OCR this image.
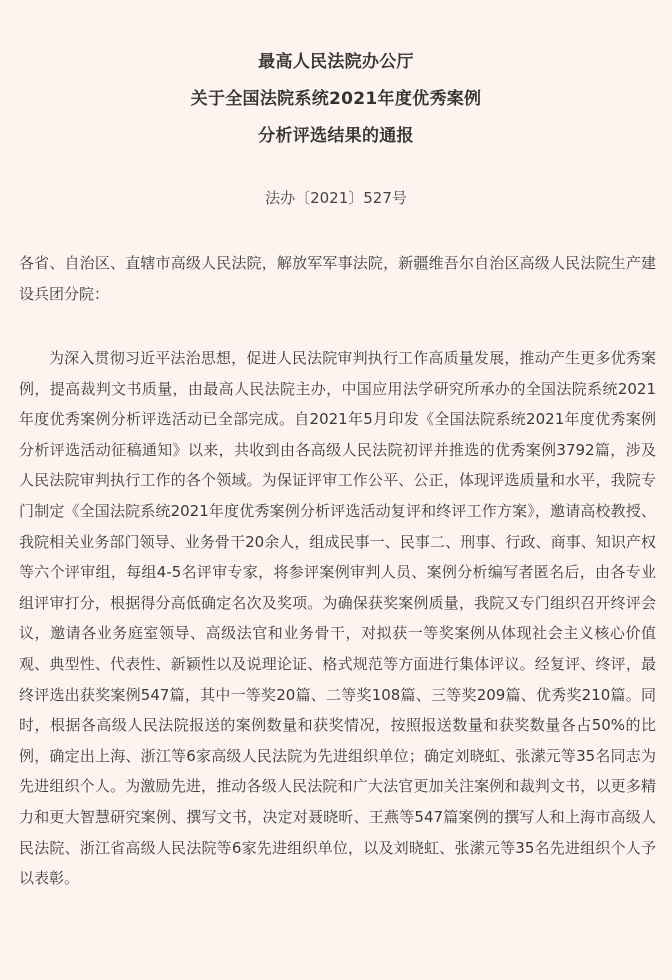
最高人民法院办公厅
关于全国法院系统2021年度优秀案例
分析评选结果的通报
法办〔2021〕527号
各省、自治区、直辖市高级人民法院，解放军军事法院，新疆维吾尔自治区高级人民法院生产建设兵团分院：

为深入贯彻习近平法治思想，促进人民法院审判执行工作高质量发展，推动产生更多优秀案例，提高裁判文书质量，由最高人民法院主办，中国应用法学研究所承办的全国法院系统2021年度优秀案例分析评选活动已全部完成。自2021年5月印发《全国法院系统2021年度优秀案例分析评选活动征稿通知》以来，共收到由各高级人民法院初评并推选的优秀案例3792篇，涉及人民法院审判执行工作的各个领域。为保证评审工作公平、公正，体现评选质量和水平，我院专门制定《全国法院系统2021年度优秀案例分析评选活动复评和终评工作方案》，邀请高校教授、我院相关业务部门领导、业务骨干20余人，组成民事一、民事二、刑事、行政、商事、知识产权等六个评审组，每组4-5名评审专家，将参评案例审判人员、案例分析编写者匿名后，由各专业组评审打分，根据得分高低确定名次及奖项。为确保获奖案例质量，我院又专门组织召开终评会议，邀请各业务庭室领导、高级法官和业务骨干，对拟获一等奖案例从体现社会主义核心价值观、典型性、代表性、新颖性以及说理论证、格式规范等方面进行集体评议。经复评、终评，最终评选出获奖案例547篇，其中一等奖20篇、二等奖108篇、三等奖209篇、优秀奖210篇。同时，根据各高级人民法院报送的案例数量和获奖情况，按照报送数量和获奖数量各占50%的比例，确定出上海、浙江等6家高级人民法院为先进组织单位；确定刘晓虹、张潆元等35名同志为先进组织个人。为激励先进，推动各级人民法院和广大法官更加关注案例和裁判文书，以更多精力和更大智慧研究案例、撰写文书，决定对聂晓昕、王燕等547篇案例的撰写人和上海市高级人民法院、浙江省高级人民法院等6家先进组织单位，以及刘晓虹、张潆元等35名先进组织个人予以表彰。
